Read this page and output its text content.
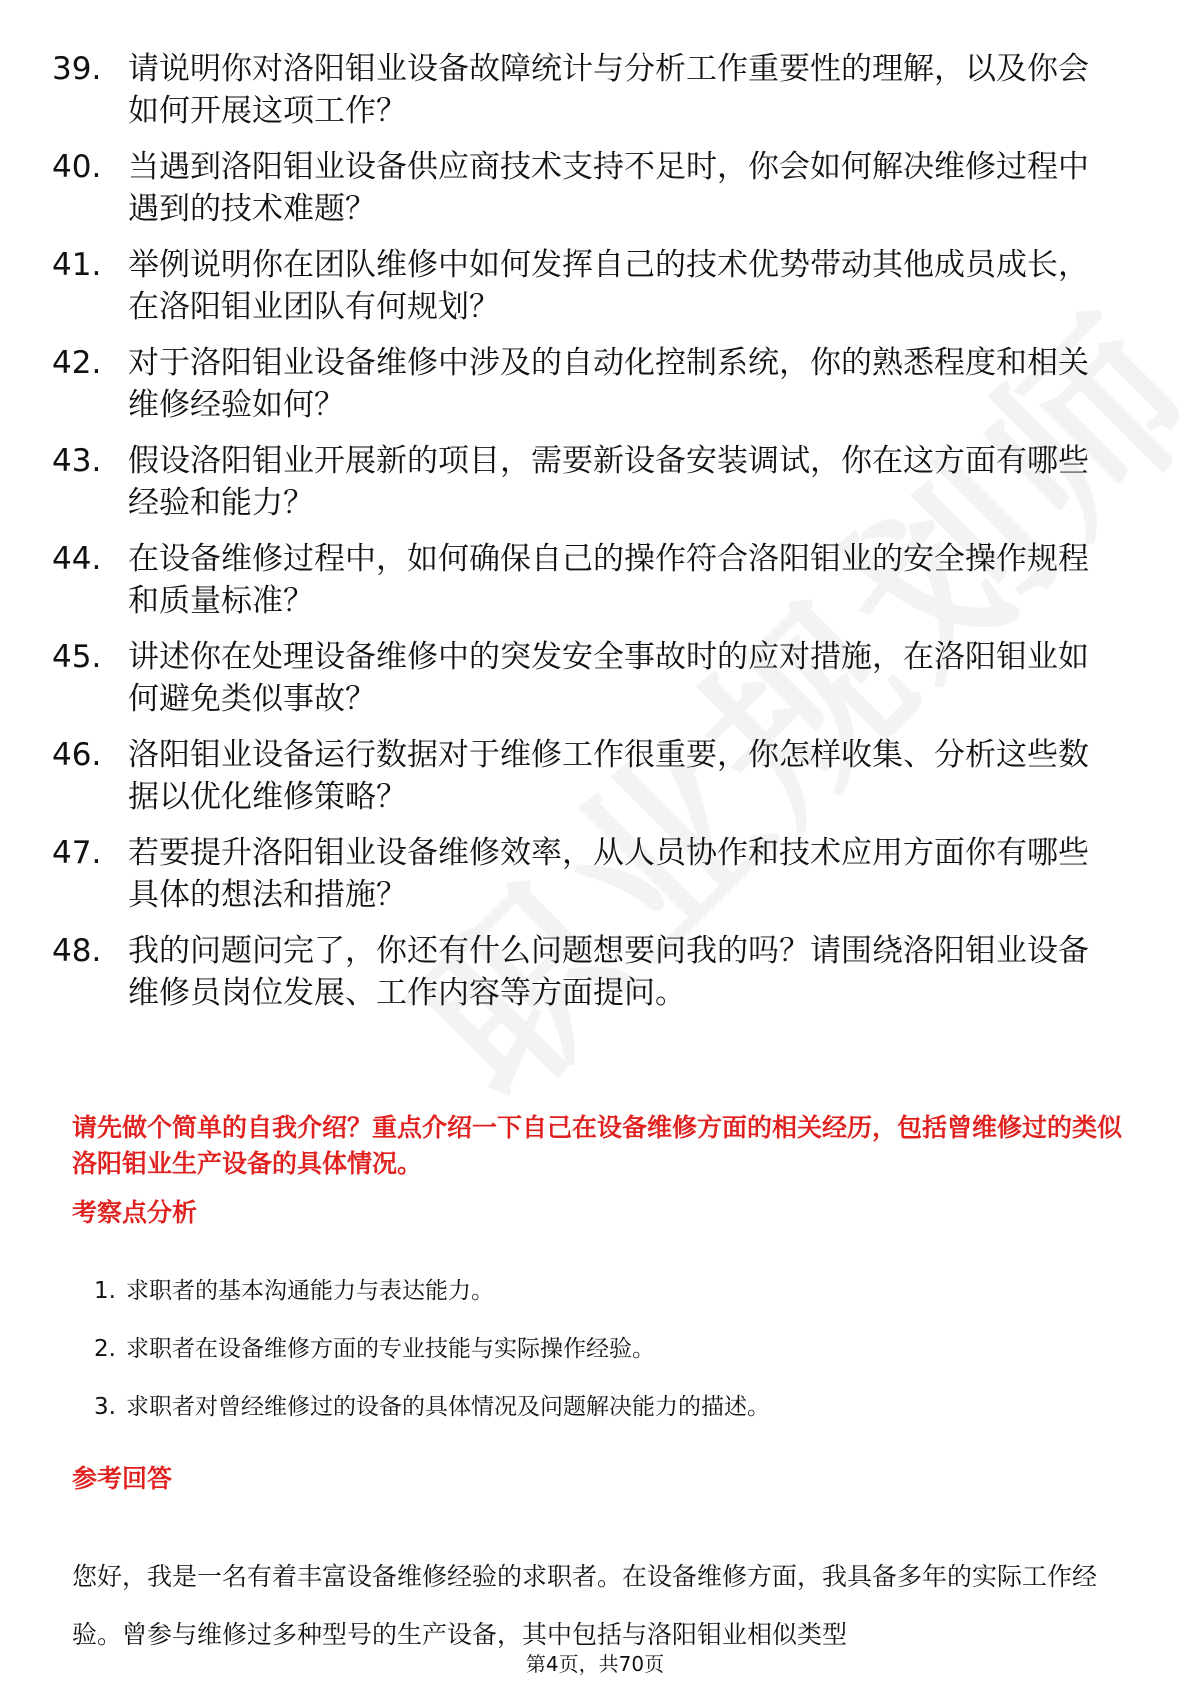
39. 请说明你对洛阳钼业设备故障统计与分析工作重要性的理解，以及你会如何开展这项工作？
40. 当遇到洛阳钼业设备供应商技术支持不足时，你会如何解决维修过程中遇到的技术难题？
41. 举例说明你在团队维修中如何发挥自己的技术优势带动其他成员成长，在洛阳钼业团队有何规划？
42. 对于洛阳钼业设备维修中涉及的自动化控制系统，你的熟悉程度和相关维修经验如何？
43. 假设洛阳钼业开展新的项目，需要新设备安装调试，你在这方面有哪些经验和能力？
44. 在设备维修过程中，如何确保自己的操作符合洛阳钼业的安全操作规程和质量标准？
45. 讲述你在处理设备维修中的突发安全事故时的应对措施，在洛阳钼业如何避免类似事故？
46. 洛阳钼业设备运行数据对于维修工作很重要，你怎样收集、分析这些数据以优化维修策略？
47. 若要提升洛阳钼业设备维修效率，从人员协作和技术应用方面你有哪些具体的想法和措施？
48. 我的问题问完了，你还有什么问题想要问我的吗？请围绕洛阳钼业设备维修员岗位发展、工作内容等方面提问。
请先做个简单的自我介绍？重点介绍一下自己在设备维修方面的相关经历，包括曾维修过的类似洛阳钼业生产设备的具体情况。
考察点分析
1. 求职者的基本沟通能力与表达能力。
2. 求职者在设备维修方面的专业技能与实际操作经验。
3. 求职者对曾经维修过的设备的具体情况及问题解决能力的描述。
参考回答
您好，我是一名有着丰富设备维修经验的求职者。在设备维修方面，我具备多年的实际工作经验。曾参与维修过多种型号的生产设备，其中包括与洛阳钼业相似类型
第4页，共70页
